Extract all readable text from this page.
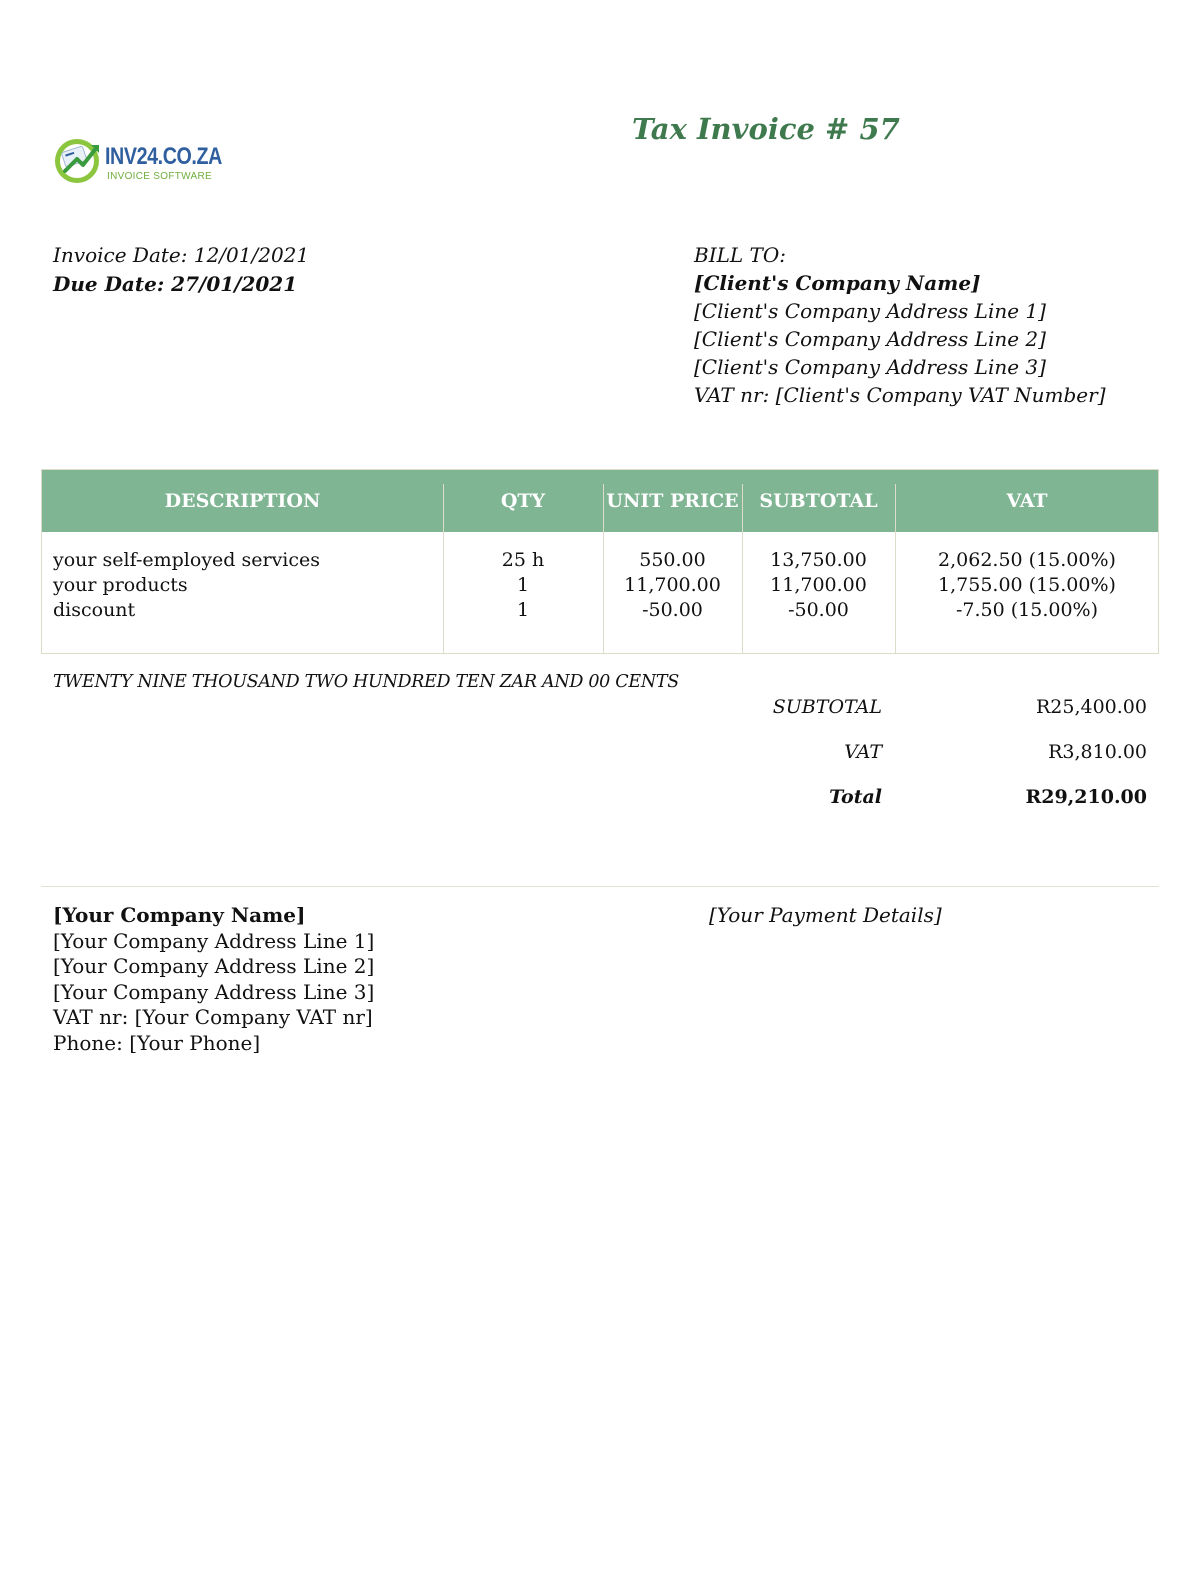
INV24.CO.ZA
INVOICE SOFTWARE
Tax Invoice # 57
Invoice Date: 12/01/2021
Due Date: 27/01/2021
BILL TO:
[Client's Company Name]
[Client's Company Address Line 1]
[Client's Company Address Line 2]
[Client's Company Address Line 3]
VAT nr: [Client's Company VAT Number]
DESCRIPTION	QTY	UNIT PRICE	SUBTOTAL	VAT
your self-employed services	25 h	550.00	13,750.00	2,062.50 (15.00%)
your products	1	11,700.00	11,700.00	1,755.00 (15.00%)
discount	1	-50.00	-50.00	-7.50 (15.00%)
TWENTY NINE THOUSAND TWO HUNDRED TEN ZAR AND 00 CENTS
SUBTOTAL	R25,400.00
VAT	R3,810.00
Total	R29,210.00
[Your Company Name]
[Your Company Address Line 1]
[Your Company Address Line 2]
[Your Company Address Line 3]
VAT nr: [Your Company VAT nr]
Phone: [Your Phone]
[Your Payment Details]
